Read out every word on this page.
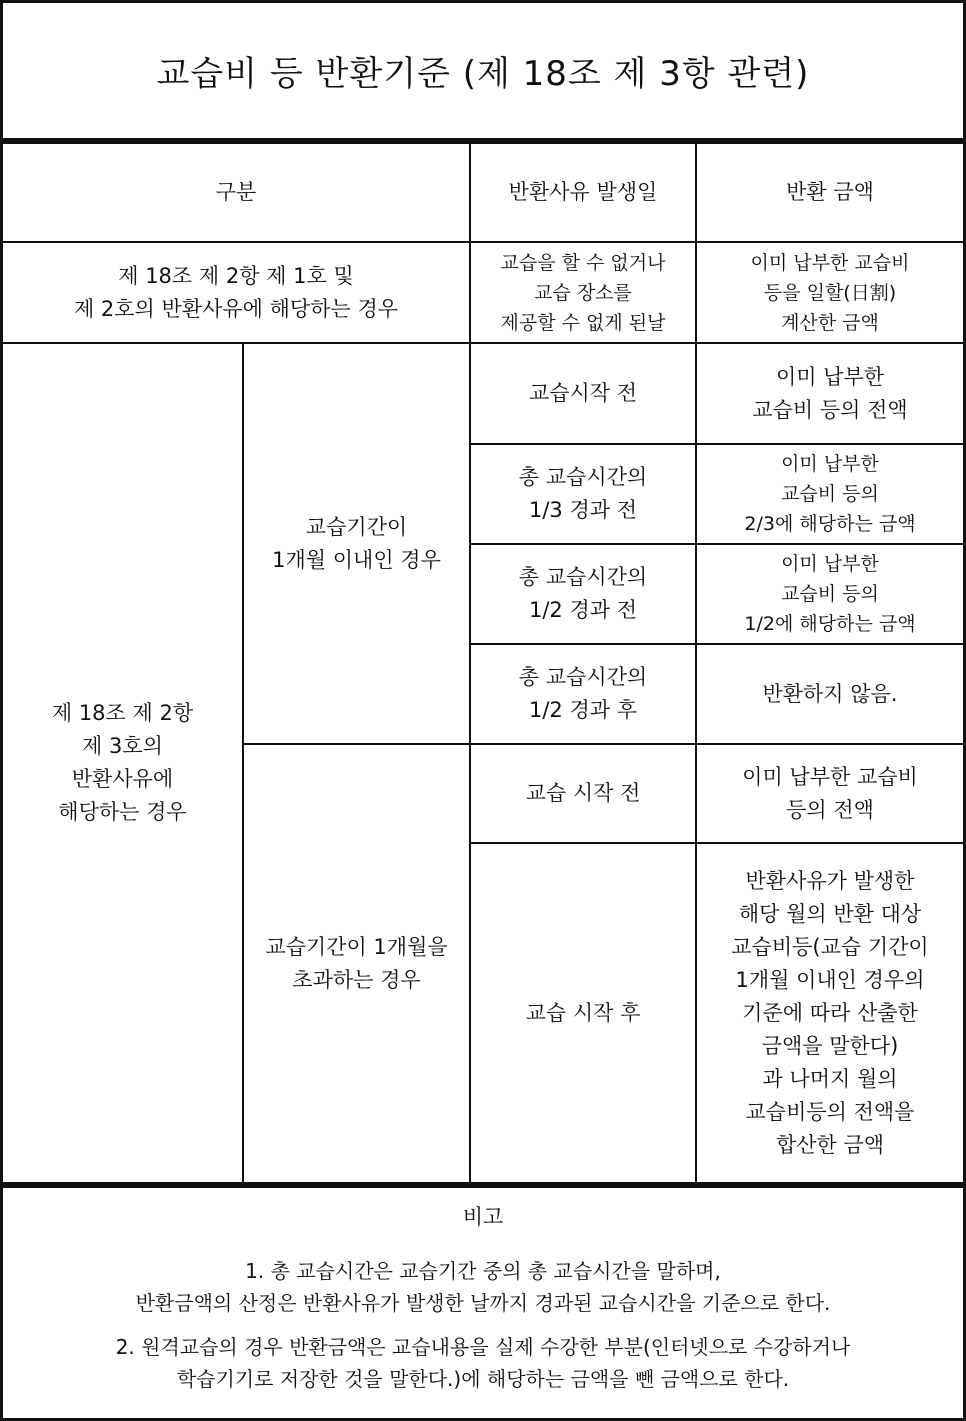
교습비 등 반환기준 (제 18조 제 3항 관련)
구분	반환사유 발생일	반환 금액
제 18조 제 2항 제 1호 및
제 2호의 반환사유에 해당하는 경우
교습을 할 수 없거나
교습 장소를
제공할 수 없게 된날
이미 납부한 교습비
등을 일할(日割)
계산한 금액
제 18조 제 2항
제 3호의
반환사유에
해당하는 경우
교습기간이
1개월 이내인 경우
교습시작 전
이미 납부한
교습비 등의 전액
총 교습시간의
1/3 경과 전
이미 납부한
교습비 등의
2/3에 해당하는 금액
총 교습시간의
1/2 경과 전
이미 납부한
교습비 등의
1/2에 해당하는 금액
총 교습시간의
1/2 경과 후
반환하지 않음.
교습기간이 1개월을
초과하는 경우
교습 시작 전
이미 납부한 교습비
등의 전액
교습 시작 후
반환사유가 발생한
해당 월의 반환 대상
교습비등(교습 기간이
1개월 이내인 경우의
기준에 따라 산출한
금액을 말한다)
과 나머지 월의
교습비등의 전액을
합산한 금액
비고
1. 총 교습시간은 교습기간 중의 총 교습시간을 말하며,
반환금액의 산정은 반환사유가 발생한 날까지 경과된 교습시간을 기준으로 한다.
2. 원격교습의 경우 반환금액은 교습내용을 실제 수강한 부분(인터넷으로 수강하거나
학습기기로 저장한 것을 말한다.)에 해당하는 금액을 뺀 금액으로 한다.
